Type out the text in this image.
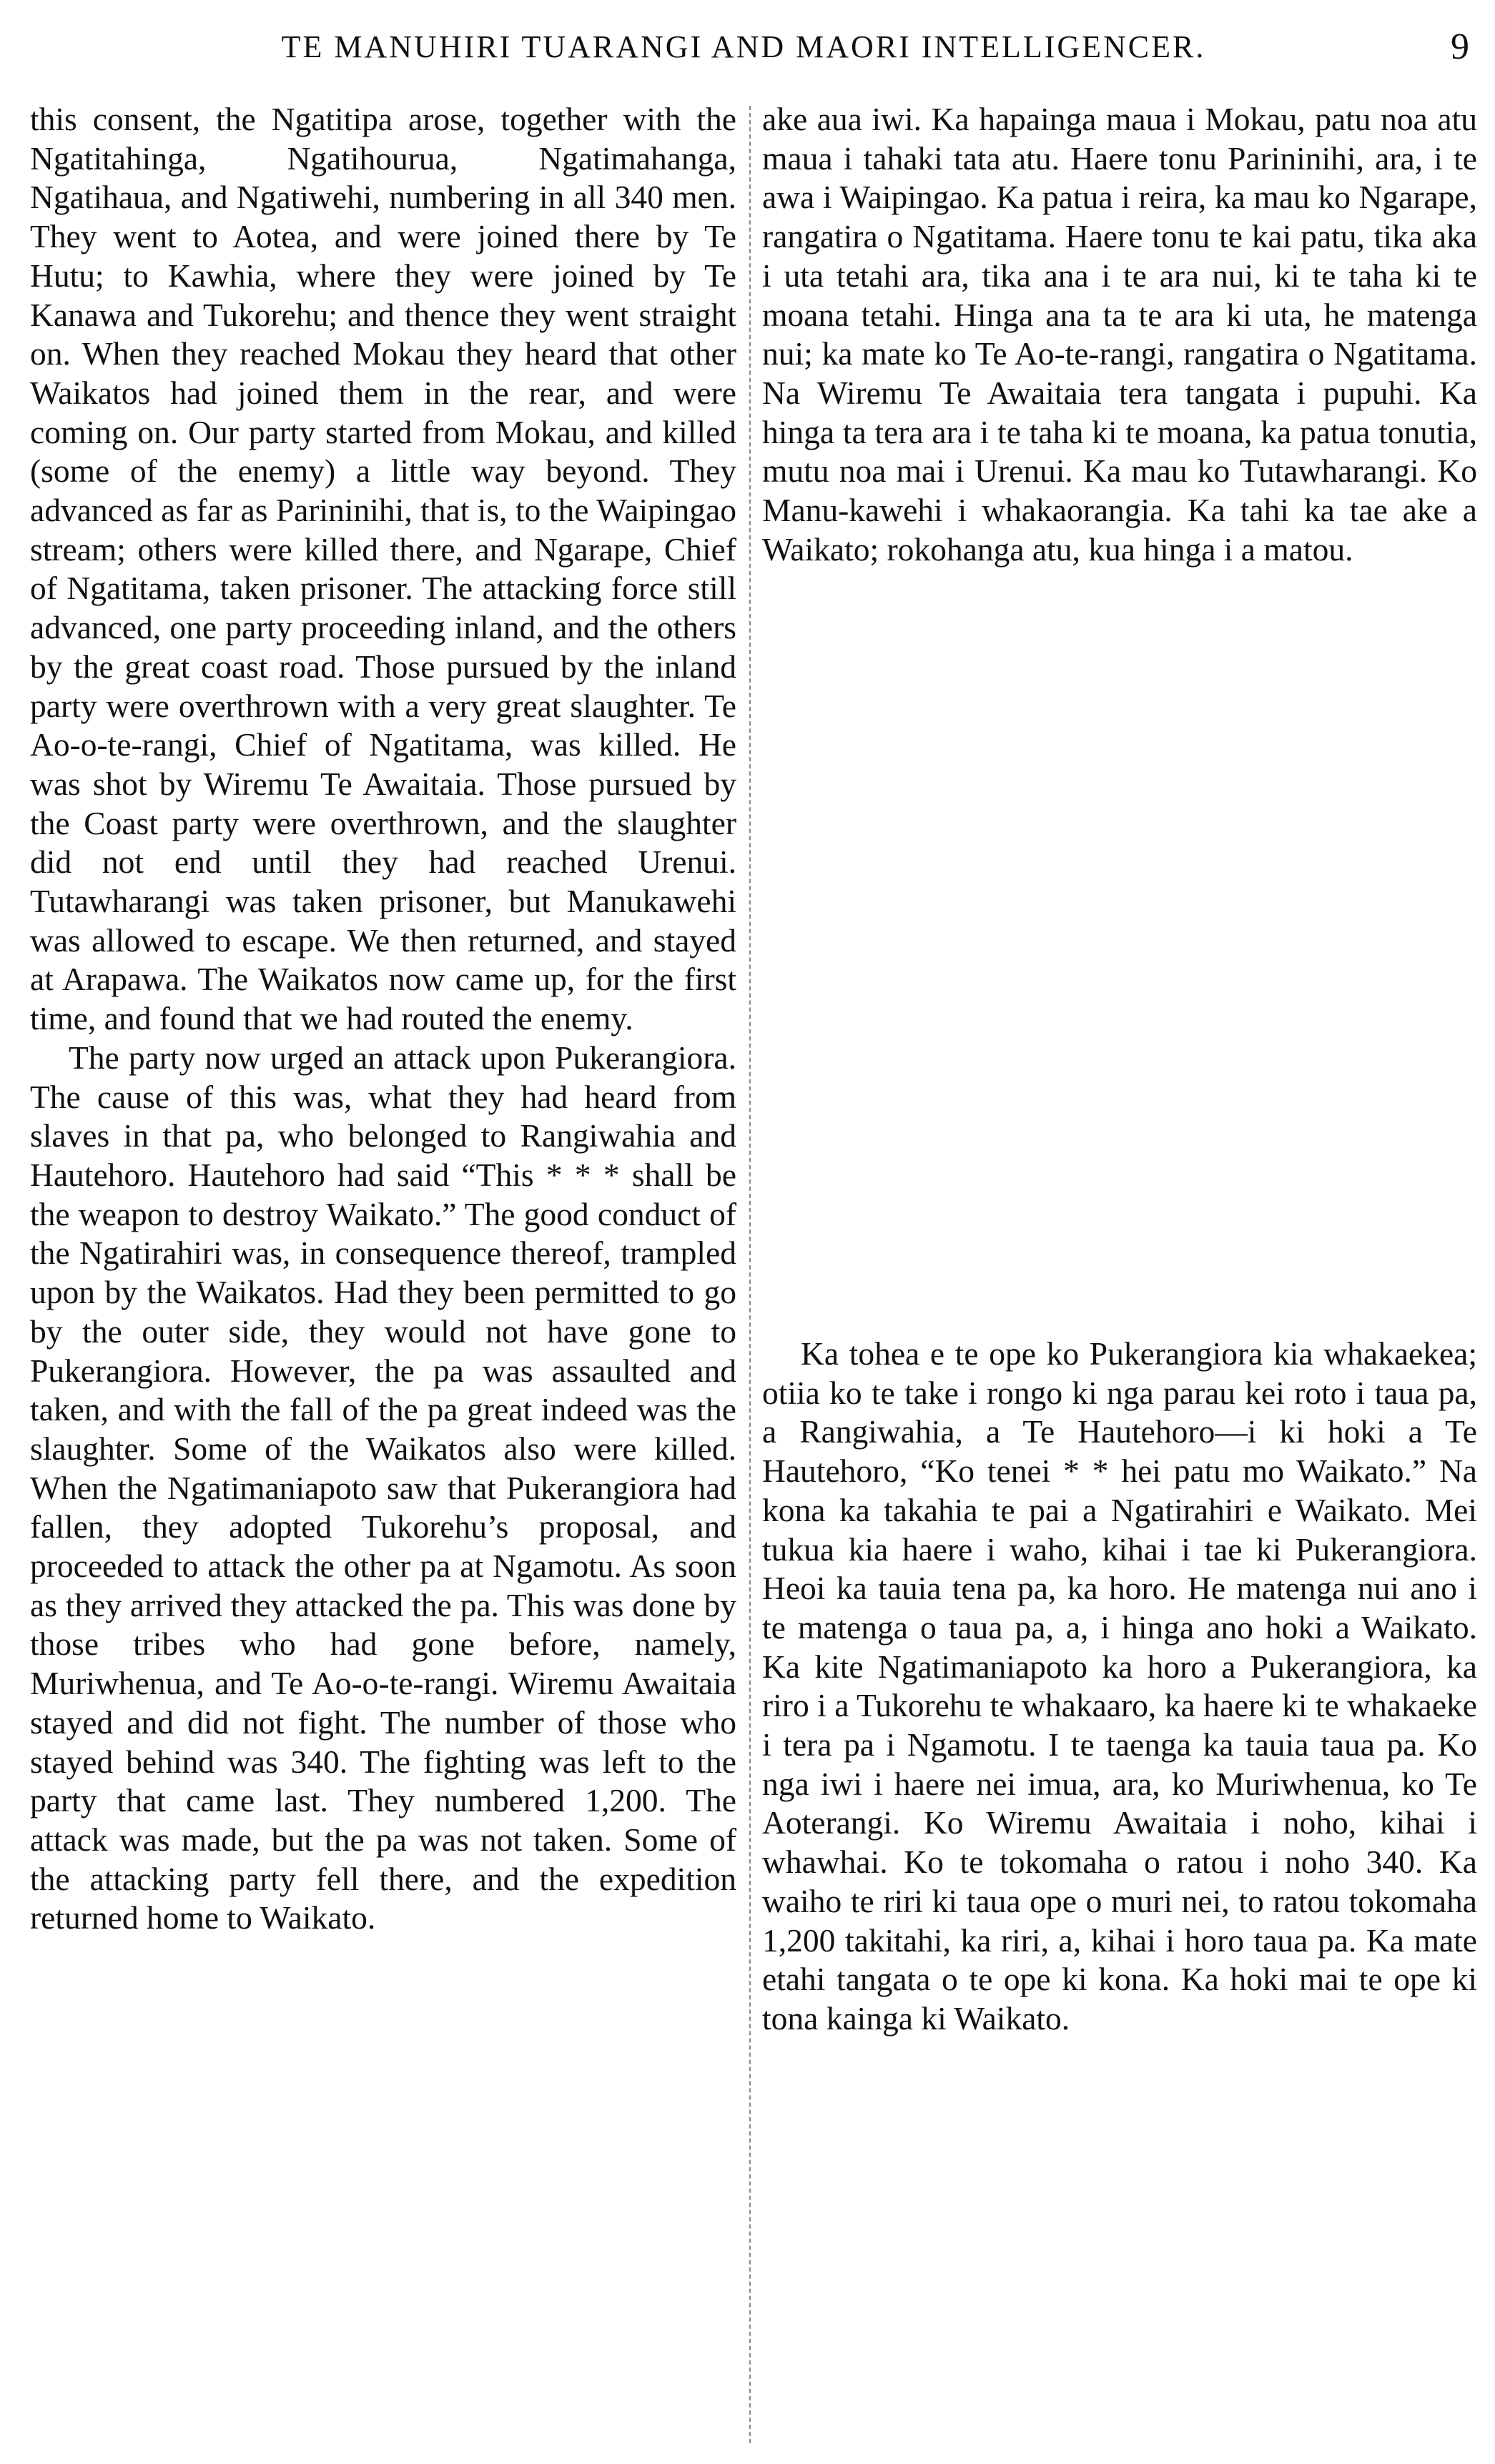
TE MANUHIRI TUARANGI AND MAORI INTELLIGENCER.	9

this consent, the Ngatitipa arose, together with the Ngatitahinga, Ngatihourua, Ngatimahanga, Ngatihaua, and Ngatiwehi, numbering in all 340 men. They went to Aotea, and were joined there by Te Hutu; to Kawhia, where they were joined by Te Kanawa and Tukorehu; and thence they went straight on. When they reached Mokau they heard that other Waikatos had joined them in the rear, and were coming on. Our party started from Mokau, and killed (some of the enemy) a little way beyond. They advanced as far as Parininihi, that is, to the Waipingao stream; others were killed there, and Ngarape, Chief of Ngatitama, taken prisoner. The attacking force still advanced, one party proceeding inland, and the others by the great coast road. Those pursued by the inland party were overthrown with a very great slaughter. Te Ao-o-te-rangi, Chief of Ngatitama, was killed. He was shot by Wiremu Te Awaitaia. Those pursued by the Coast party were overthrown, and the slaughter did not end until they had reached Urenui. Tutawharangi was taken prisoner, but Manukawehi was allowed to escape. We then returned, and stayed at Arapawa. The Waikatos now came up, for the first time, and found that we had routed the enemy.

The party now urged an attack upon Pukerangiora. The cause of this was, what they had heard from slaves in that pa, who belonged to Rangiwahia and Hautehoro. Hautehoro had said “This * * * shall be the weapon to destroy Waikato.” The good conduct of the Ngatirahiri was, in consequence thereof, trampled upon by the Waikatos. Had they been permitted to go by the outer side, they would not have gone to Pukerangiora. However, the pa was assaulted and taken, and with the fall of the pa great indeed was the slaughter. Some of the Waikatos also were killed. When the Ngatimaniapoto saw that Pukerangiora had fallen, they adopted Tukorehu’s proposal, and proceeded to attack the other pa at Ngamotu. As soon as they arrived they attacked the pa. This was done by those tribes who had gone before, namely, Muriwhenua, and Te Ao-o-te-rangi. Wiremu Awaitaia stayed and did not fight. The number of those who stayed behind was 340. The fighting was left to the party that came last. They numbered 1,200. The attack was made, but the pa was not taken. Some of the attacking party fell there, and the expedition returned home to Waikato.

ake aua iwi. Ka hapainga maua i Mokau, patu noa atu maua i tahaki tata atu. Haere tonu Parininihi, ara, i te awa i Waipingao. Ka patua i reira, ka mau ko Ngarape, rangatira o Ngatitama. Haere tonu te kai patu, tika aka i uta tetahi ara, tika ana i te ara nui, ki te taha ki te moana tetahi. Hinga ana ta te ara ki uta, he matenga nui; ka mate ko Te Ao-te-rangi, rangatira o Ngatitama. Na Wiremu Te Awaitaia tera tangata i pupuhi. Ka hinga ta tera ara i te taha ki te moana, ka patua tonutia, mutu noa mai i Urenui. Ka mau ko Tutawharangi. Ko Manu-kawehi i whakaorangia. Ka tahi ka tae ake a Waikato; rokohanga atu, kua hinga i a matou.

Ka tohea e te ope ko Pukerangiora kia whakaekea; otiia ko te take i rongo ki nga parau kei roto i taua pa, a Rangiwahia, a Te Hautehoro—i ki hoki a Te Hautehoro, “Ko tenei * * hei patu mo Waikato.” Na kona ka takahia te pai a Ngatirahiri e Waikato. Mei tukua kia haere i waho, kihai i tae ki Pukerangiora. Heoi ka tauia tena pa, ka horo. He matenga nui ano i te matenga o taua pa, a, i hinga ano hoki a Waikato. Ka kite Ngatimaniapoto ka horo a Pukerangiora, ka riro i a Tukorehu te whakaaro, ka haere ki te whakaeke i tera pa i Ngamotu. I te taenga ka tauia taua pa. Ko nga iwi i haere nei imua, ara, ko Muriwhenua, ko Te Aoterangi. Ko Wiremu Awaitaia i noho, kihai i whawhai. Ko te tokomaha o ratou i noho 340. Ka waiho te riri ki taua ope o muri nei, to ratou tokomaha 1,200 takitahi, ka riri, a, kihai i horo taua pa. Ka mate etahi tangata o te ope ki kona. Ka hoki mai te ope ki tona kainga ki Waikato.
